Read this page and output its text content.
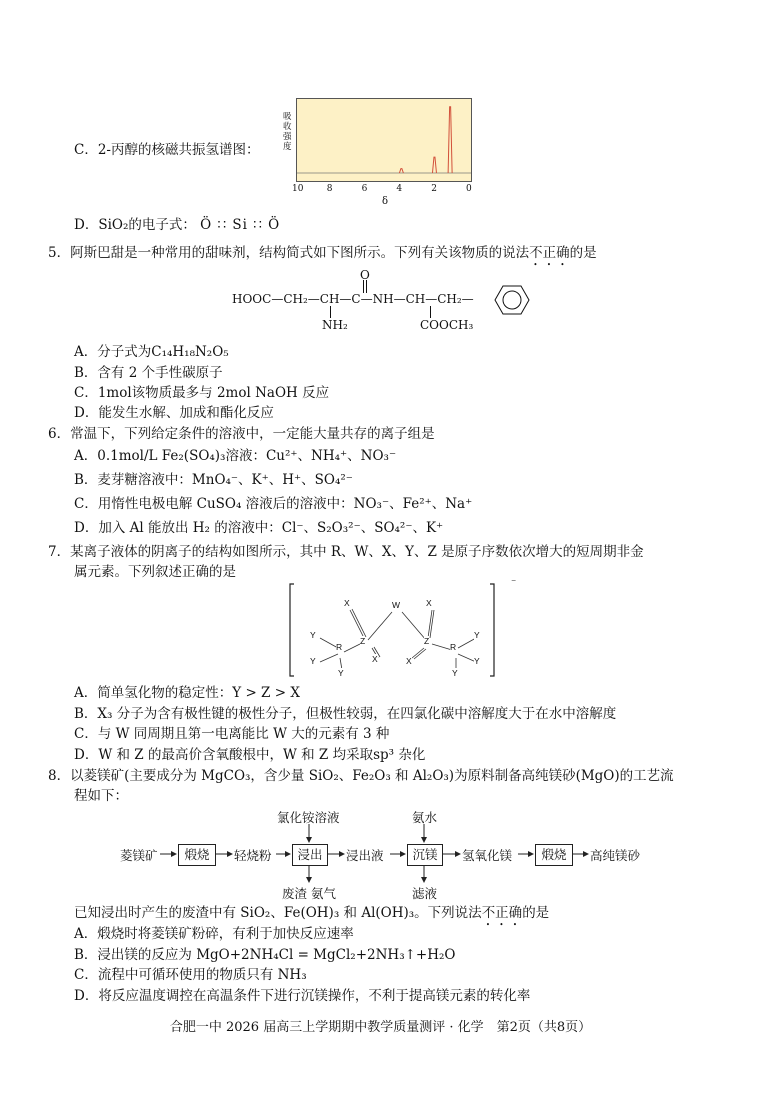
C．2-丙醇的核磁共振氢谱图：
吸收强度
10	8	6	4	2	0
δ
D．SiO₂的电子式： Ö ∷ Si ∷ Ö
5．阿斯巴甜是一种常用的甜味剂，结构简式如下图所示。下列有关该物质的说法不正确的是
O
HOOC—CH₂—CH—C—NH—CH—CH₂—
NH₂	COOCH₃
A．分子式为C₁₄H₁₈N₂O₅
B．含有 2 个手性碳原子
C．1mol该物质最多与 2mol NaOH 反应
D．能发生水解、加成和酯化反应
6．常温下，下列给定条件的溶液中，一定能大量共存的离子组是
A．0.1mol/L Fe₂(SO₄)₃溶液：Cu²⁺、NH₄⁺、NO₃⁻
B．麦芽糖溶液中：MnO₄⁻、K⁺、H⁺、SO₄²⁻
C．用惰性电极电解 CuSO₄ 溶液后的溶液中：NO₃⁻、Fe²⁺、Na⁺
D．加入 Al 能放出 H₂ 的溶液中：Cl⁻、S₂O₃²⁻、SO₄²⁻、K⁺
7．某离子液体的阴离子的结构如图所示，其中 R、W、X、Y、Z 是原子序数依次增大的短周期非金
属元素。下列叙述正确的是
X
X
W	X
X
Z	Z
R	R
Y
Y
Y
Y
Y
Y
⁻
A．简单氢化物的稳定性：Y > Z > X
B．X₃ 分子为含有极性键的极性分子，但极性较弱，在四氯化碳中溶解度大于在水中溶解度
C．与 W 同周期且第一电离能比 W 大的元素有 3 种
D．W 和 Z 的最高价含氧酸根中，W 和 Z 均采取sp³ 杂化
8．以菱镁矿(主要成分为 MgCO₃，含少量 SiO₂、Fe₂O₃ 和 Al₂O₃)为原料制备高纯镁砂(MgO)的工艺流
程如下：
氯化铵溶液	氨水
菱镁矿	煅烧	轻烧粉	浸出	浸出液	沉镁	氢氧化镁	煅烧	高纯镁砂
废渣 氨气	滤液
已知浸出时产生的废渣中有 SiO₂、Fe(OH)₃ 和 Al(OH)₃。下列说法不正确的是
A．煅烧时将菱镁矿粉碎，有利于加快反应速率
B．浸出镁的反应为 MgO+2NH₄Cl = MgCl₂+2NH₃↑+H₂O
C．流程中可循环使用的物质只有 NH₃
D．将反应温度调控在高温条件下进行沉镁操作，不利于提高镁元素的转化率
合肥一中 2026 届高三上学期期中教学质量测评 · 化学　第2页（共8页）
